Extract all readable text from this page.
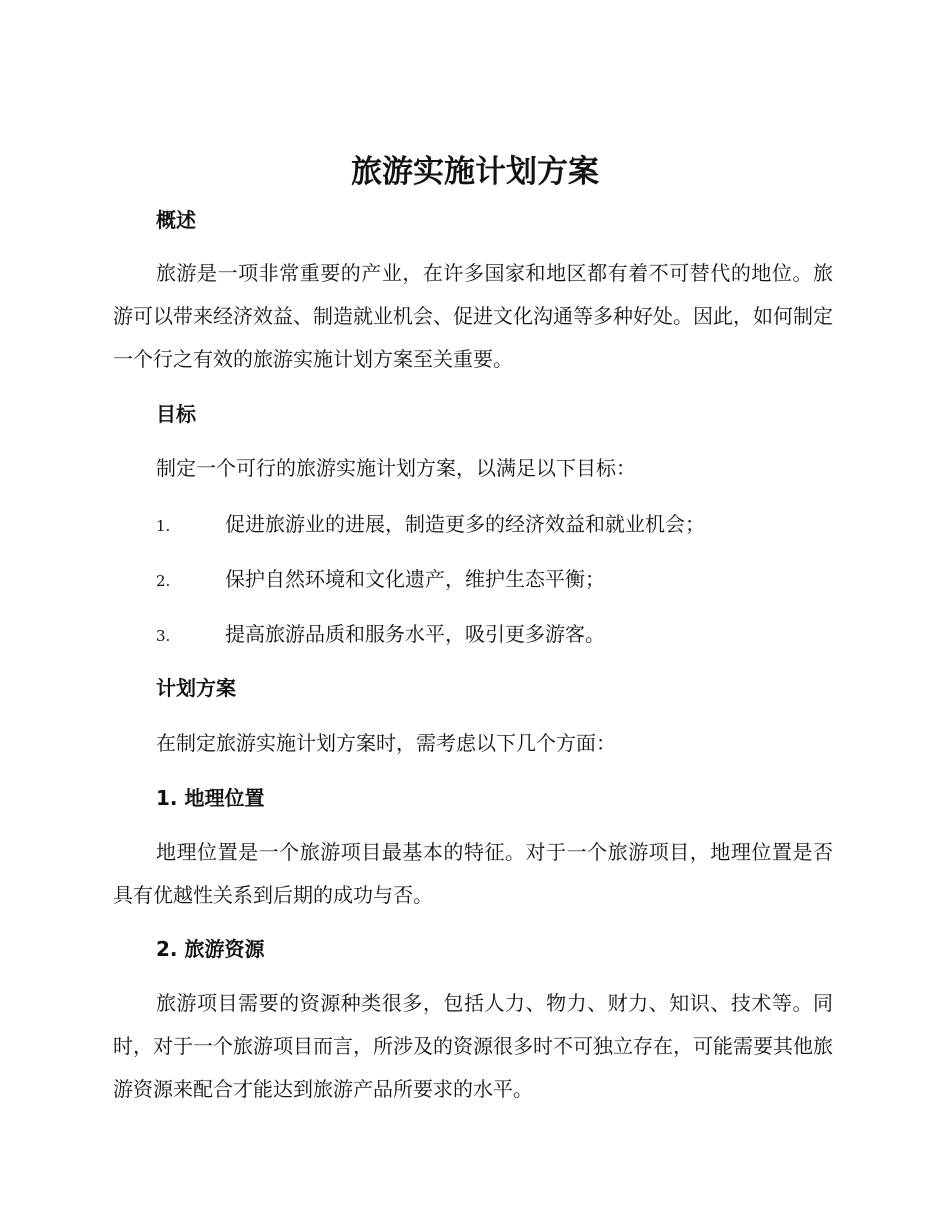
旅游实施计划方案
概述

旅游是一项非常重要的产业，在许多国家和地区都有着不可替代的地位。旅游可以带来经济效益、制造就业机会、促进文化沟通等多种好处。因此，如何制定一个行之有效的旅游实施计划方案至关重要。

目标

制定一个可行的旅游实施计划方案，以满足以下目标：

1.	促进旅游业的进展，制造更多的经济效益和就业机会；
2.	保护自然环境和文化遗产，维护生态平衡；
3.	提高旅游品质和服务水平，吸引更多游客。
计划方案

在制定旅游实施计划方案时，需考虑以下几个方面：

1. 地理位置

地理位置是一个旅游项目最基本的特征。对于一个旅游项目，地理位置是否具有优越性关系到后期的成功与否。

2. 旅游资源

旅游项目需要的资源种类很多，包括人力、物力、财力、知识、技术等。同时，对于一个旅游项目而言，所涉及的资源很多时不可独立存在，可能需要其他旅游资源来配合才能达到旅游产品所要求的水平。
